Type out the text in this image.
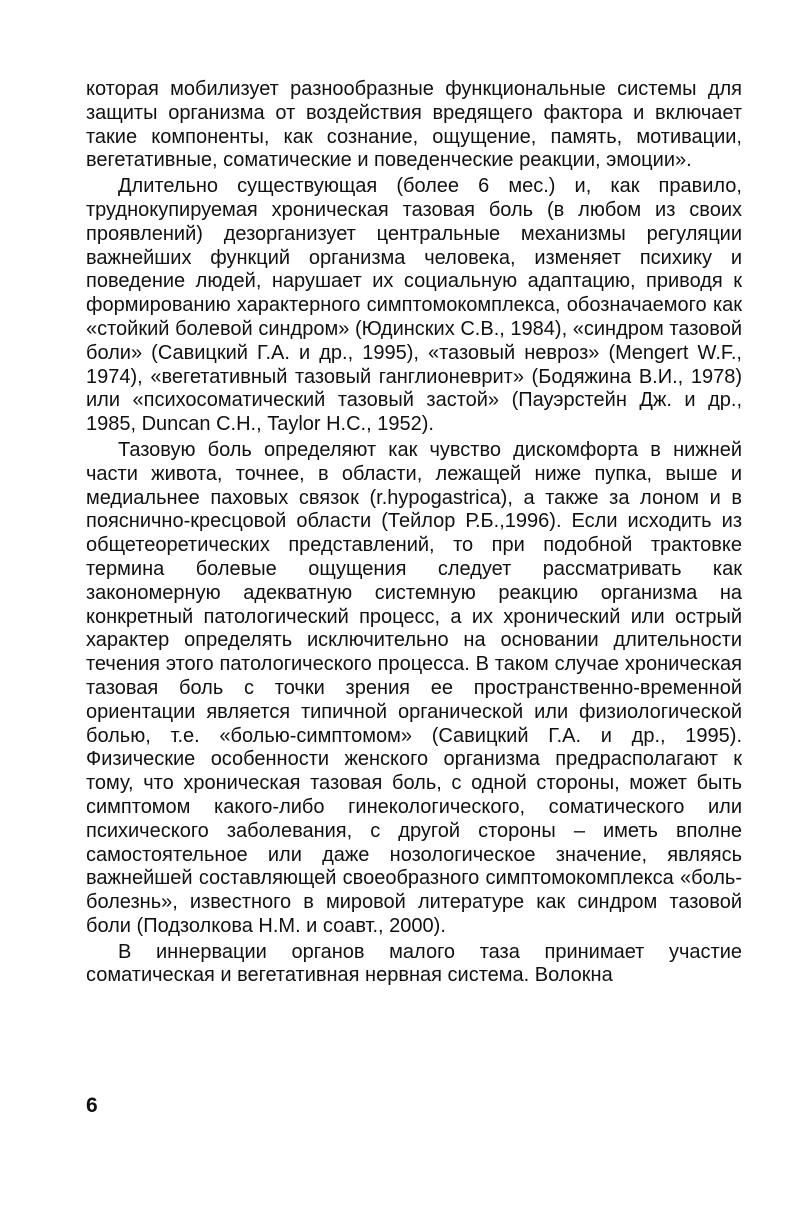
которая мобилизует разнообразные функциональные системы для защиты организма от воздействия вредящего фактора и включает такие компоненты, как сознание, ощущение, память, мотивации, вегетативные, соматические и поведенческие реакции, эмоции».

Длительно существующая (более 6 мес.) и, как правило, труднокупируемая хроническая тазовая боль (в любом из своих проявлений) дезорганизует центральные механизмы регуляции важнейших функций организма человека, изменяет психику и поведение людей, нарушает их социальную адаптацию, приводя к формированию характерного симптомокомплекса, обозначаемого как «стойкий болевой синдром» (Юдинских С.В., 1984), «синдром тазовой боли» (Савицкий Г.А. и др., 1995), «тазовый невроз» (Mengert W.F., 1974), «вегетативный тазовый ганглионеврит» (Бодяжина В.И., 1978) или «психосоматический тазовый застой» (Пауэрстейн Дж. и др., 1985, Duncan С.Н., Taylor Н.С., 1952).

Тазовую боль определяют как чувство дискомфорта в нижней части живота, точнее, в области, лежащей ниже пупка, выше и медиальнее паховых связок (r.hypogastrica), а также за лоном и в пояснично-кресцовой области (Тейлор Р.Б.,1996). Если исходить из общетеоретических представлений, то при подобной трактовке термина болевые ощущения следует рассматривать как закономерную адекватную системную реакцию организма на конкретный патологический процесс, а их хронический или острый характер определять исключительно на основании длительности течения этого патологического процесса. В таком случае хроническая тазовая боль с точки зрения ее пространственно-временной ориентации является типичной органической или физиологической болью, т.е. «болью-симптомом» (Савицкий Г.А. и др., 1995). Физические особенности женского организма предрасполагают к тому, что хроническая тазовая боль, с одной стороны, может быть симптомом какого-либо гинекологического, соматического или психического заболевания, с другой стороны – иметь вполне самостоятельное или даже нозологическое значение, являясь важнейшей составляющей своеобразного симптомокомплекса «боль-болезнь», известного в мировой литературе как синдром тазовой боли (Подзолкова Н.М. и соавт., 2000).

В иннервации органов малого таза принимает участие соматическая и вегетативная нервная система. Волокна

6
